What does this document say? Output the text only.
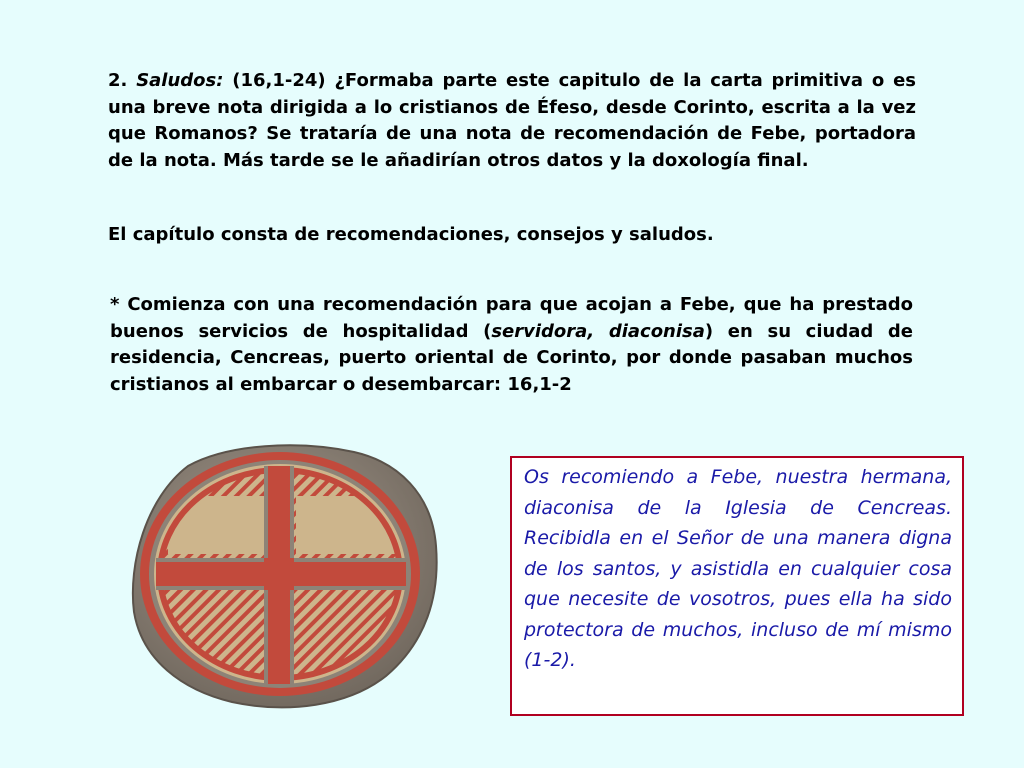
2. Saludos: (16,1-24) ¿Formaba parte este capitulo de la carta primitiva o es una breve nota dirigida a lo cristianos de Éfeso, desde Corinto, escrita a la vez que Romanos? Se trataría de una nota de recomendación de Febe, portadora de la nota. Más tarde se le añadirían otros datos y la doxología final.

El capítulo consta de recomendaciones, consejos y saludos.

* Comienza con una recomendación para que acojan a Febe, que ha prestado buenos servicios de hospitalidad (servidora, diaconisa) en su ciudad de residencia, Cencreas, puerto oriental de Corinto, por donde pasaban muchos cristianos al embarcar o desembarcar: 16,1-2

Os recomiendo a Febe, nuestra hermana, diaconisa de la Iglesia de Cencreas. Recibidla en el Señor de una manera digna de los santos, y asistidla en cualquier cosa que necesite de vosotros, pues ella ha sido protectora de muchos, incluso de mí mismo (1-2).
